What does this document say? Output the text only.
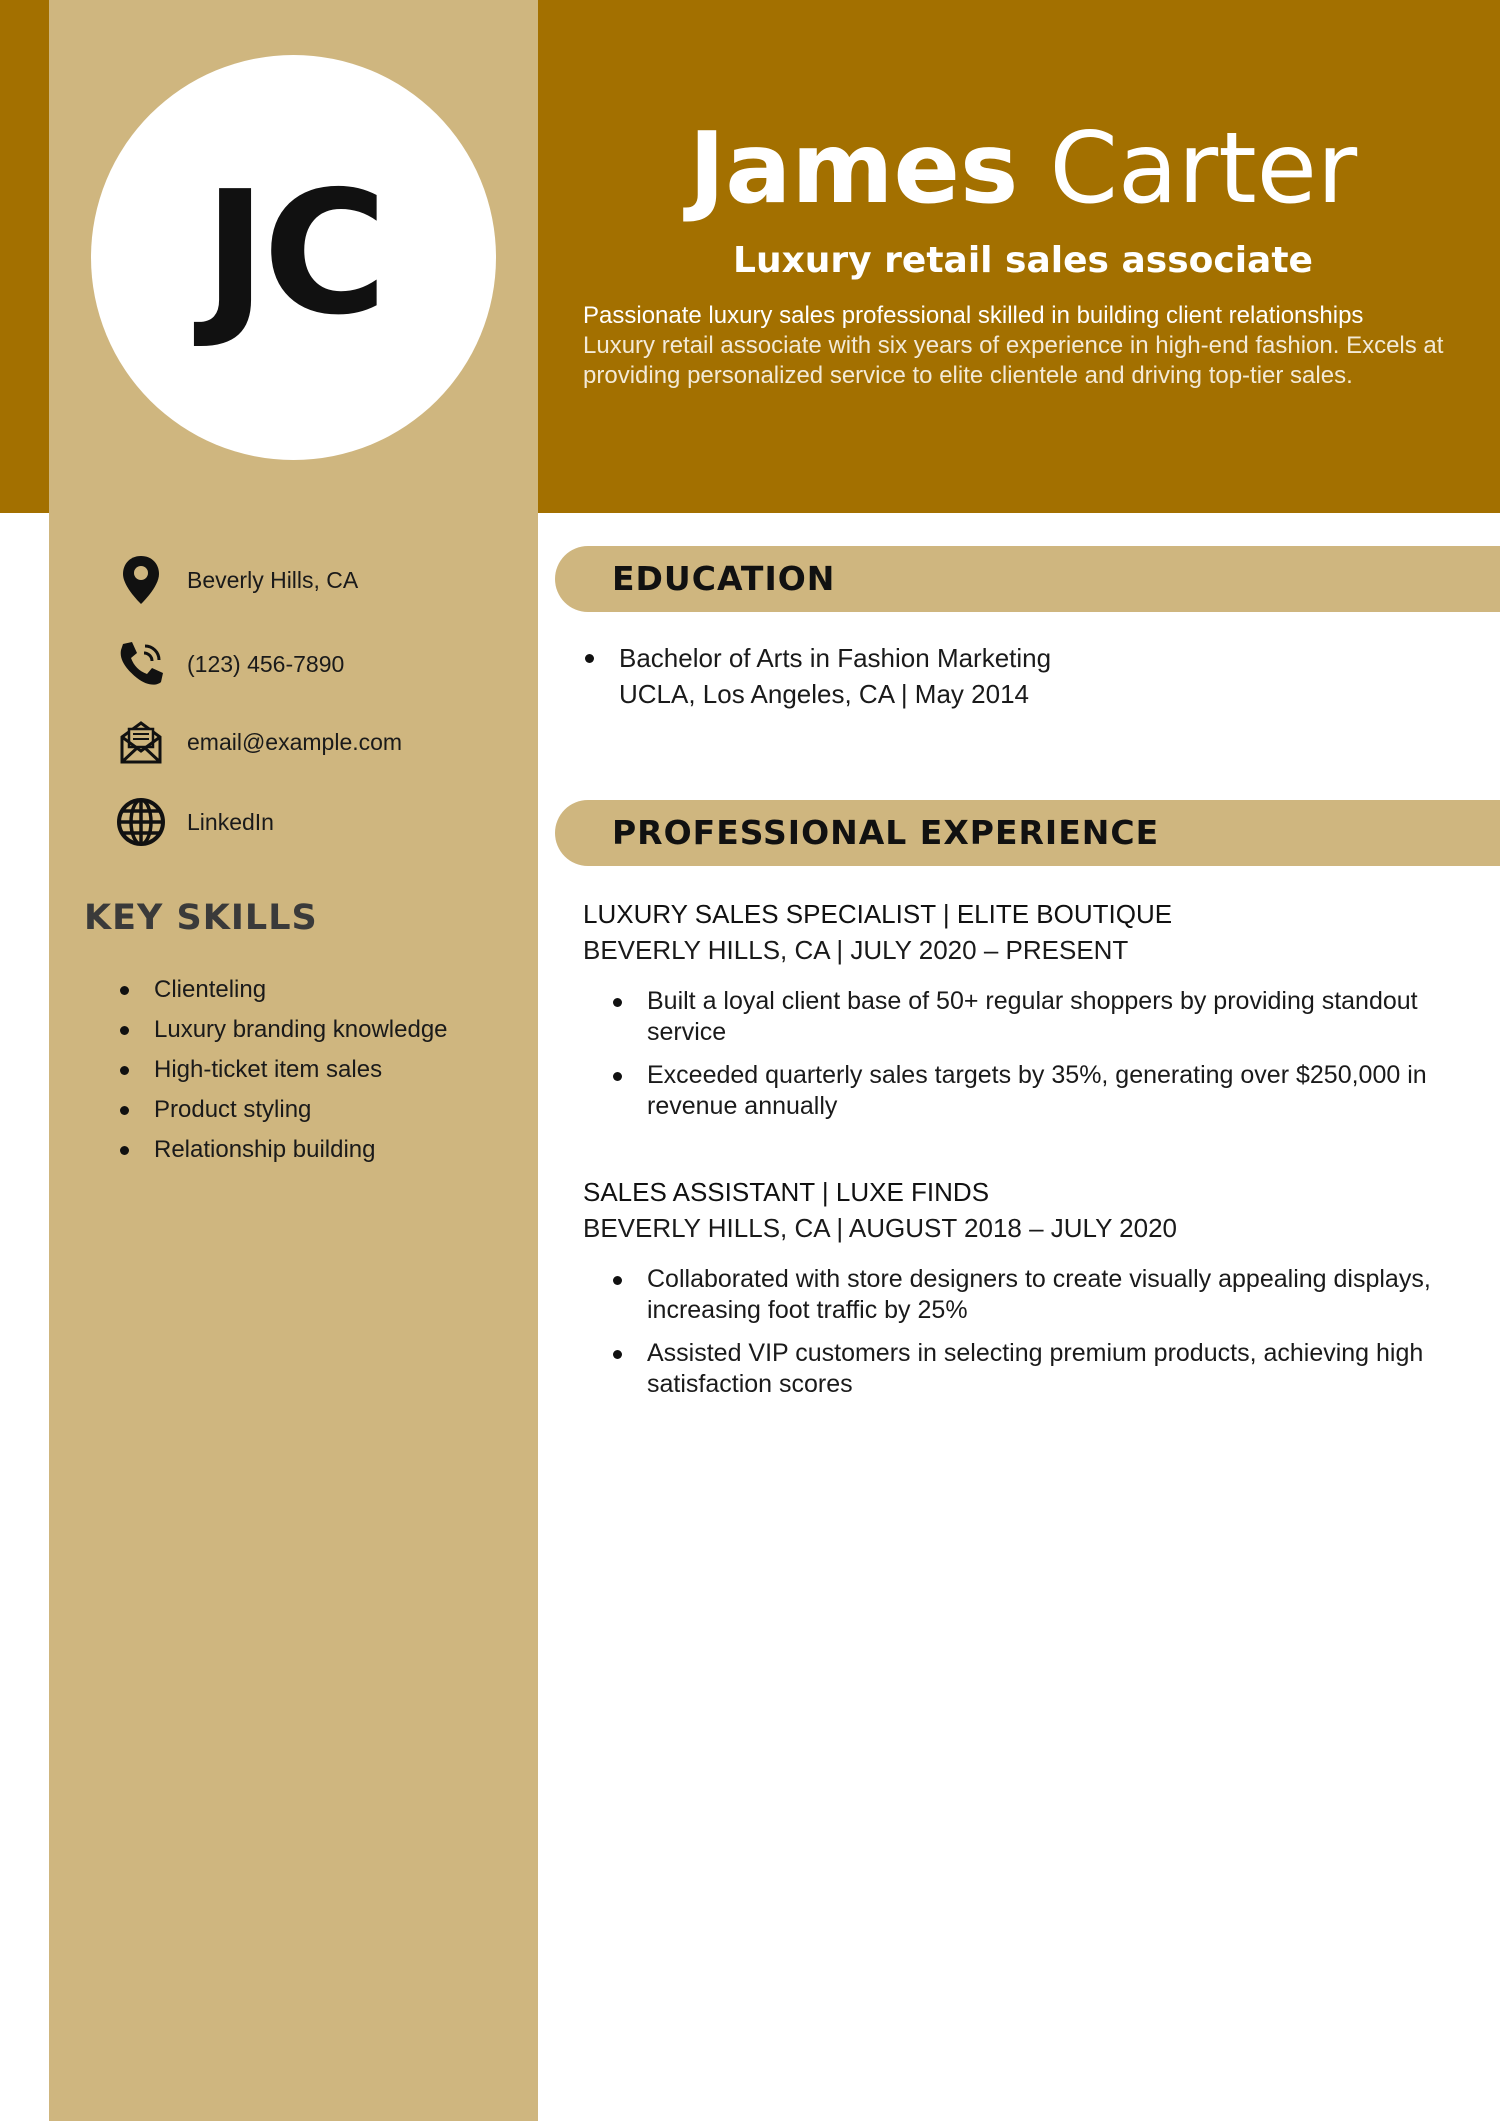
JC	James Carter
Luxury retail sales associate
Passionate luxury sales professional skilled in building client relationships
Luxury retail associate with six years of experience in high-end fashion. Excels at providing personalized service to elite clientele and driving top-tier sales.
Beverly Hills, CA
(123) 456-7890
email@example.com
LinkedIn
KEY SKILLS
Clienteling
Luxury branding knowledge
High-ticket item sales
Product styling
Relationship building
EDUCATION
Bachelor of Arts in Fashion Marketing
UCLA, Los Angeles, CA | May 2014
PROFESSIONAL EXPERIENCE
LUXURY SALES SPECIALIST | ELITE BOUTIQUE
BEVERLY HILLS, CA | JULY 2020 – PRESENT
Built a loyal client base of 50+ regular shoppers by providing standout service
Exceeded quarterly sales targets by 35%, generating over $250,000 in revenue annually
SALES ASSISTANT | LUXE FINDS
BEVERLY HILLS, CA | AUGUST 2018 – JULY 2020
Collaborated with store designers to create visually appealing displays, increasing foot traffic by 25%
Assisted VIP customers in selecting premium products, achieving high satisfaction scores
